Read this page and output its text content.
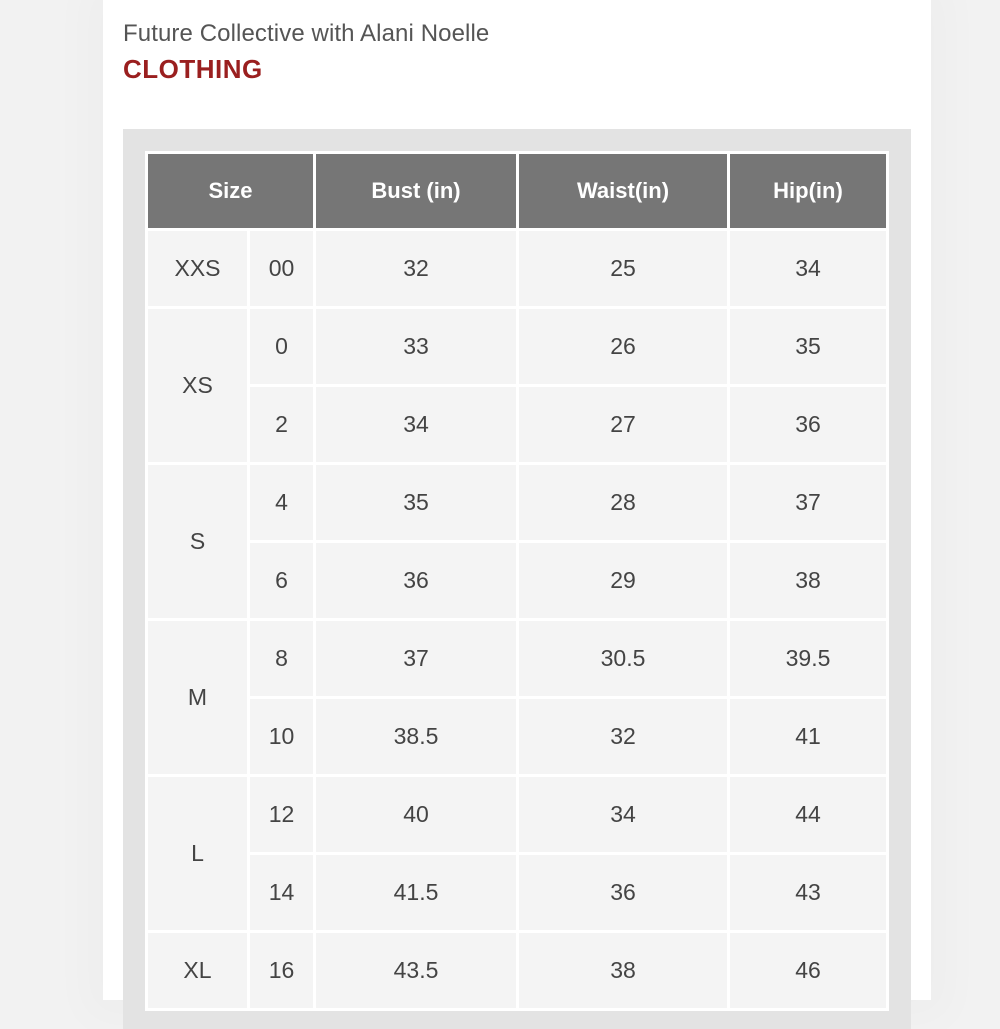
Future Collective with Alani Noelle
CLOTHING
Size		Bust (in)	Waist(in)	Hip(in)
XXS	00	32	25	34
XS	0	33	26	35
	2	34	27	36
S	4	35	28	37
	6	36	29	38
M	8	37	30.5	39.5
	10	38.5	32	41
L	12	40	34	44
	14	41.5	36	43
XL	16	43.5	38	46
